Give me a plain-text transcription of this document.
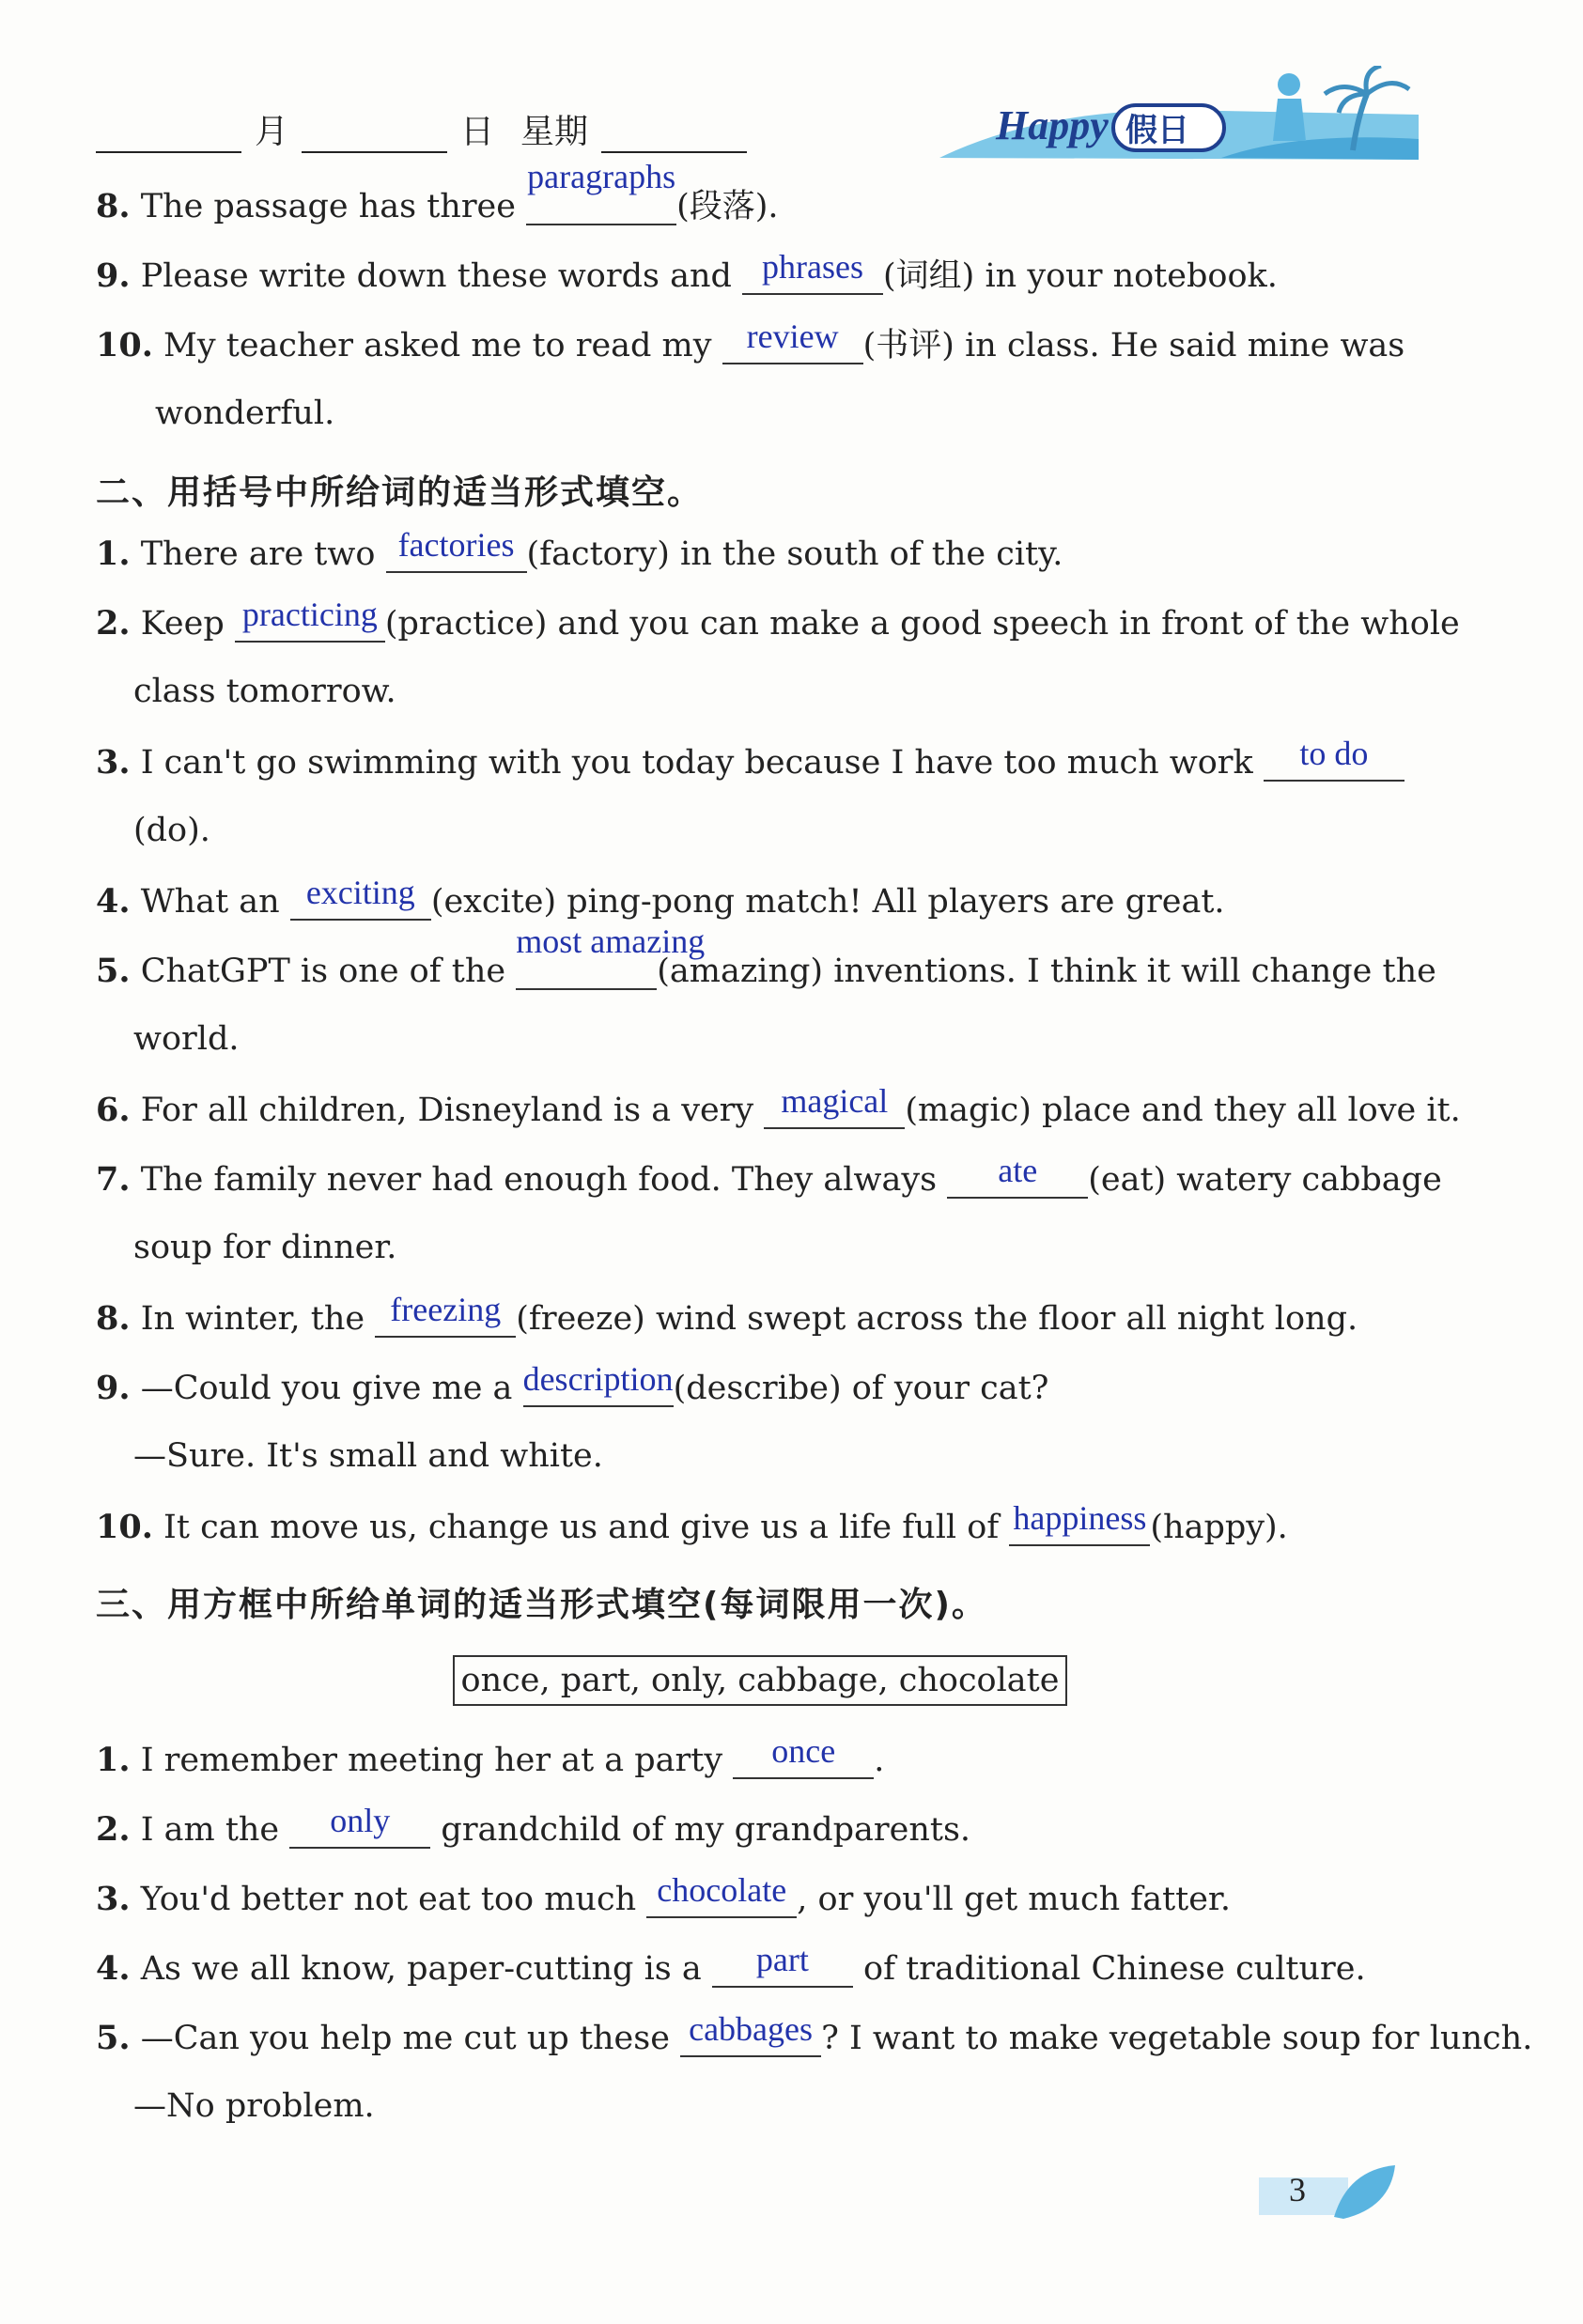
月	日 星期	Happy 假日
8. The passage has three
paragraphs
(段落).
9. Please write down these words and phrases (词组) in your notebook.
10. My teacher asked me to read my	review (书评) in class. He said mine was
wonderful.
二、用括号中所给词的适当形式填空。
1. There are two factories (factory) in the south of the city.
2. Keep practicing (practice) and you can make a good speech in front of the whole
class tomorrow.
3. I can't go swimming with you today because I have too much work	to do
(do).
4. What an exciting (excite) ping-pong match! All players are great.
5. ChatGPT is one of the
most amazing
(amazing) inventions. I think it will change the
world.
6. For all children, Disneyland is a very magical (magic) place and they all love it.
7. The family never had enough food. They always	ate	(eat) watery cabbage
soup for dinner.
8. In winter, the freezing (freeze) wind swept across the floor all night long.
9. —Could you give me a description (describe) of your cat?
—Sure. It's small and white.
10. It can move us, change us and give us a life full of happiness (happy).
三、用方框中所给单词的适当形式填空(每词限用一次)。
once, part, only, cabbage, chocolate
1. I remember meeting her at a party	once	.
2. I am the	only	grandchild of my grandparents.
3. You'd better not eat too much chocolate , or you'll get much fatter.
4. As we all know, paper-cutting is a	part	of traditional Chinese culture.
5. —Can you help me cut up these cabbages ? I want to make vegetable soup for lunch.
—No problem.
3
